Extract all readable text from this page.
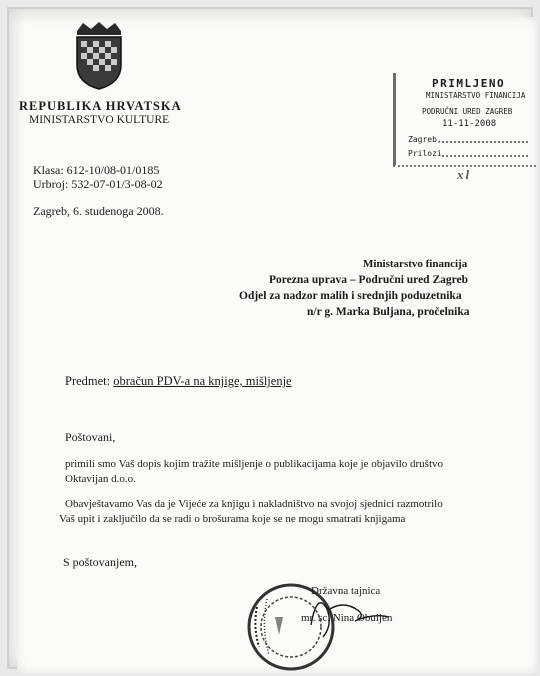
REPUBLIKA HRVATSKA
MINISTARSTVO KULTURE
Klasa: 612-10/08-01/0185
Urbroj: 532-07-01/3-08-02
Zagreb, 6. studenoga 2008.
PRIMLJENO
MINISTARSTVO FINANCIJA
PODRUČNI URED ZAGREB
11-11-2008
Zagreb,
Prilozi
xl
Ministarstvo financija
Porezna uprava – Područni ured Zagreb
Odjel za nadzor malih i srednjih poduzetnika
n/r g. Marka Buljana, pročelnika
Predmet: obračun PDV-a na knjige, mišljenje
Poštovani,
primili smo Vaš dopis kojim tražite mišljenje o publikacijama koje je objavilo društvo
Oktavijan d.o.o.
Obavještavamo Vas da je Vijeće za knjigu i nakladništvo na svojoj sjednici razmotrilo
Vaš upit i zaključilo da se radi o brošurama koje se ne mogu smatrati knjigama
S poštovanjem,
Državna tajnica
mr. sc. Nina Obuljen
